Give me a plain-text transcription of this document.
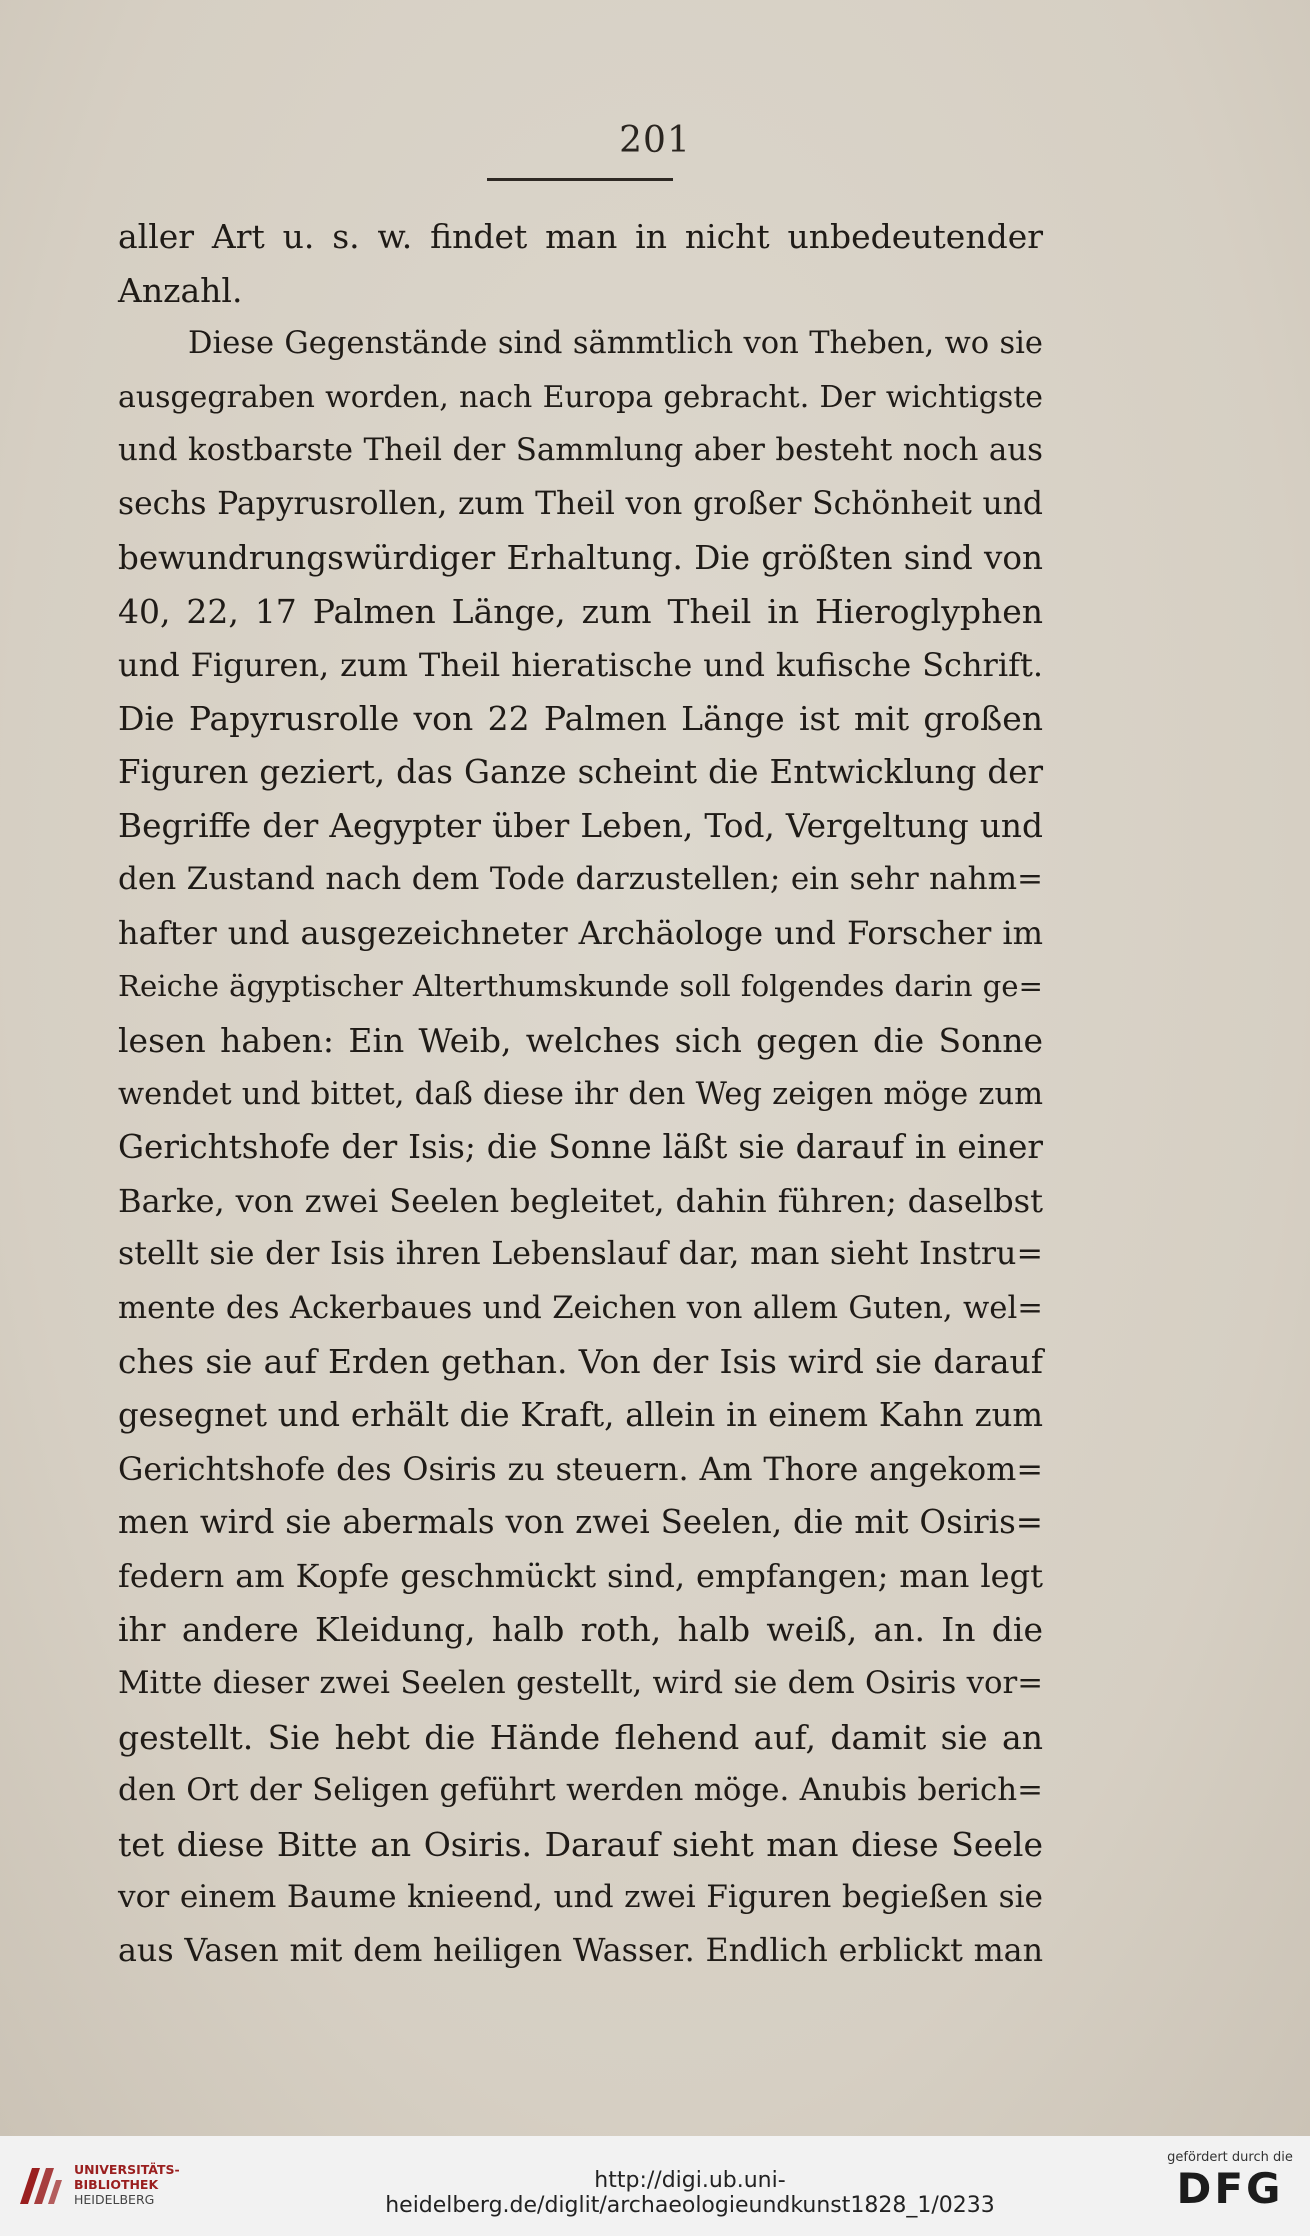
201
aller Art u. s. w. findet man in nicht unbedeutender
Anzahl.
Diese Gegenstände sind sämmtlich von Theben, wo sie
ausgegraben worden, nach Europa gebracht. Der wichtigste
und kostbarste Theil der Sammlung aber besteht noch aus
sechs Papyrusrollen, zum Theil von großer Schönheit und
bewundrungswürdiger Erhaltung. Die größten sind von
40, 22, 17 Palmen Länge, zum Theil in Hieroglyphen
und Figuren, zum Theil hieratische und kufische Schrift.
Die Papyrusrolle von 22 Palmen Länge ist mit großen
Figuren geziert, das Ganze scheint die Entwicklung der
Begriffe der Aegypter über Leben, Tod, Vergeltung und
den Zustand nach dem Tode darzustellen; ein sehr nahm=
hafter und ausgezeichneter Archäologe und Forscher im
Reiche ägyptischer Alterthumskunde soll folgendes darin ge=
lesen haben: Ein Weib, welches sich gegen die Sonne
wendet und bittet, daß diese ihr den Weg zeigen möge zum
Gerichtshofe der Isis; die Sonne läßt sie darauf in einer
Barke, von zwei Seelen begleitet, dahin führen; daselbst
stellt sie der Isis ihren Lebenslauf dar, man sieht Instru=
mente des Ackerbaues und Zeichen von allem Guten, wel=
ches sie auf Erden gethan. Von der Isis wird sie darauf
gesegnet und erhält die Kraft, allein in einem Kahn zum
Gerichtshofe des Osiris zu steuern. Am Thore angekom=
men wird sie abermals von zwei Seelen, die mit Osiris=
federn am Kopfe geschmückt sind, empfangen; man legt
ihr andere Kleidung, halb roth, halb weiß, an. In die
Mitte dieser zwei Seelen gestellt, wird sie dem Osiris vor=
gestellt. Sie hebt die Hände flehend auf, damit sie an
den Ort der Seligen geführt werden möge. Anubis berich=
tet diese Bitte an Osiris. Darauf sieht man diese Seele
vor einem Baume knieend, und zwei Figuren begießen sie
aus Vasen mit dem heiligen Wasser. Endlich erblickt man
UNIVERSITÄTS-
BIBLIOTHEK
HEIDELBERG
http://digi.ub.uni-heidelberg.de/diglit/archaeologieundkunst1828_1/0233
gefördert durch die
DFG
